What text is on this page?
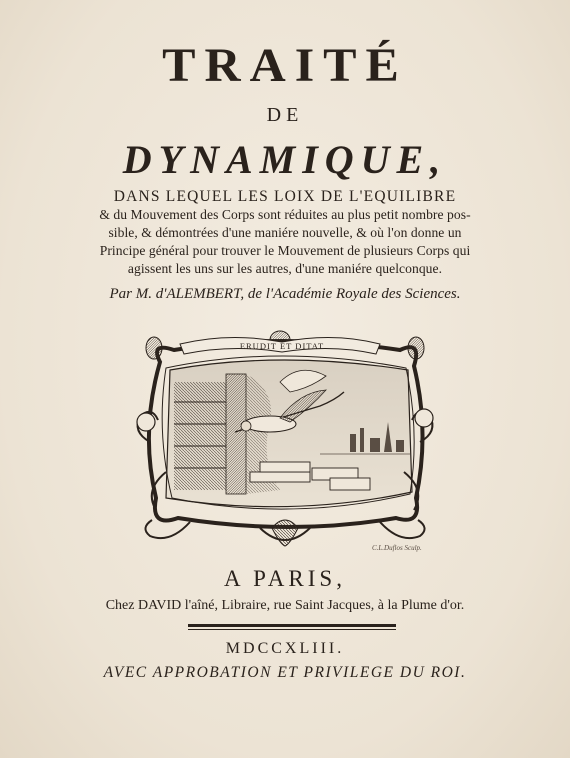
TRAITÉ
DE
DYNAMIQUE,
DANS LEQUEL LES LOIX DE L'EQUILIBRE
& du Mouvement des Corps sont réduites au plus petit nombre pos-
sible, & démontrées d'une maniére nouvelle, & où l'on donne un
Principe général pour trouver le Mouvement de plusieurs Corps qui
agissent les uns sur les autres, d'une maniére quelconque.
Par M. d'ALEMBERT, de l'Académie Royale des Sciences.
ERUDIT ET DITAT
C.L.Duflos Sculp.
A PARIS,
Chez DAVID l'aîné, Libraire, rue Saint Jacques, à la Plume d'or.
MDCCXLIII.
AVEC APPROBATION ET PRIVILEGE DU ROI.
